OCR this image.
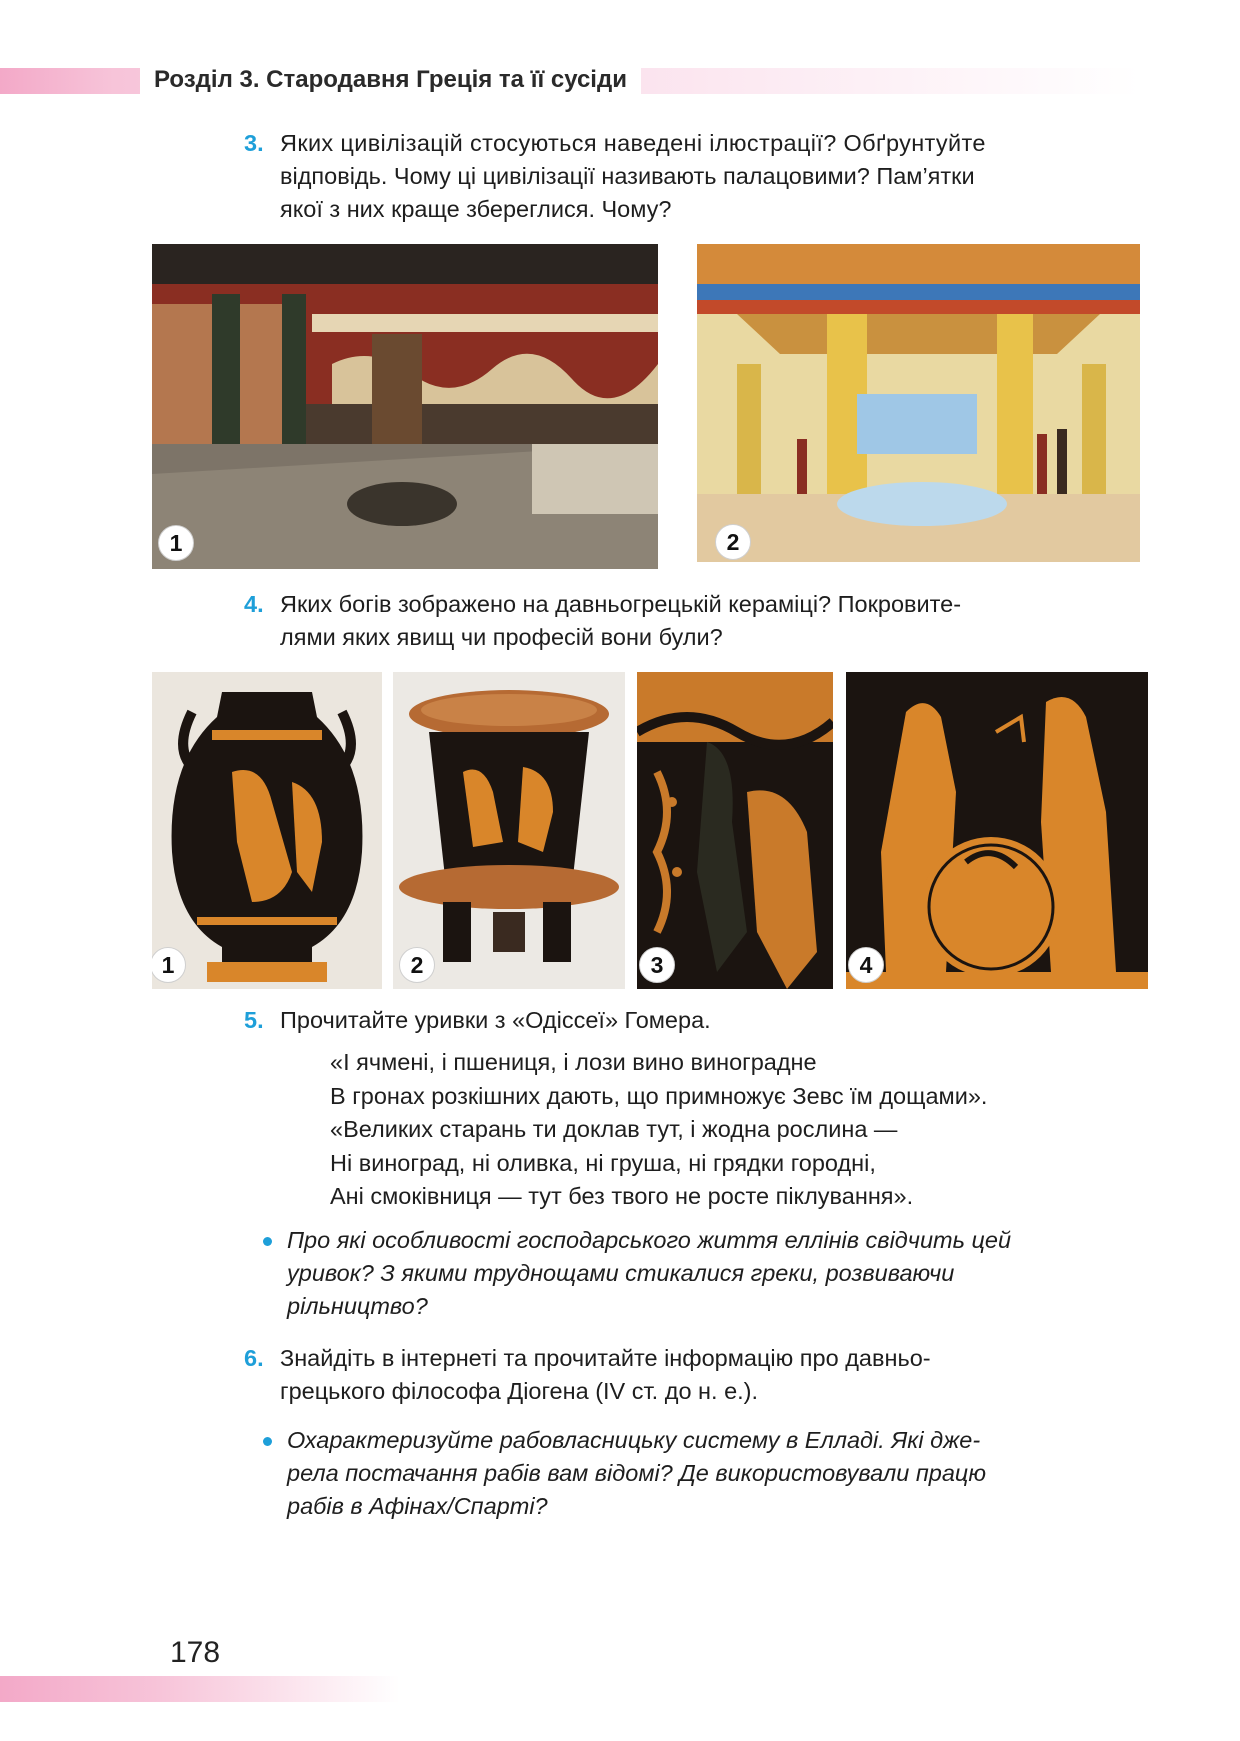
Розділ 3. Стародавня Греція та її сусіди
3. Яких цивілізацій стосуються наведені ілюстрації? Обґрунтуйте
відповідь. Чому ці цивілізації називають палацовими? Пам’ятки
якої з них краще збереглися. Чому?
1	2
4. Яких богів зображено на давньогрецькій кераміці? Покровите-
лями яких явищ чи професій вони були?
1	2	3	4
5. Прочитайте уривки з «Одіссеї» Гомера.
«І ячмені, і пшениця, і лози вино виноградне
В гронах розкішних дають, що примножує Зевс їм дощами».
«Великих старань ти доклав тут, і жодна рослина —
Ні виноград, ні оливка, ні груша, ні грядки городні,
Ані смоківниця — тут без твого не росте піклування».
Про які особливості господарського життя еллінів свідчить цей
уривок? З якими труднощами стикалися греки, розвиваючи
рільництво?
6. Знайдіть в інтернеті та прочитайте інформацію про давньо-
грецького філософа Діогена (IV ст. до н. е.).
Охарактеризуйте рабовласницьку систему в Елладі. Які дже-
рела постачання рабів вам відомі? Де використовували працю
рабів в Афінах/Спарті?
178
